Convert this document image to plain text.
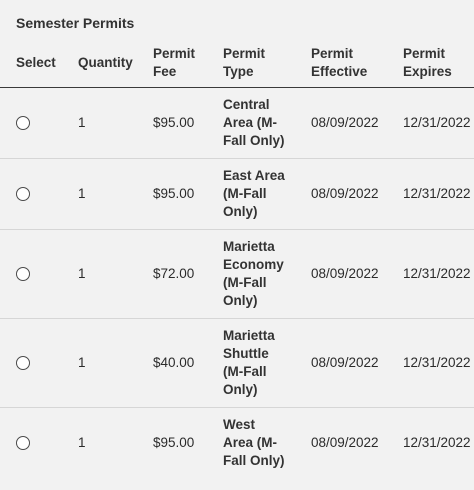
Semester Permits
Select	Quantity	Permit Fee	Permit Type	Permit Effective	Permit Expires
	1	$95.00	Central Area (M-Fall Only)	08/09/2022	12/31/2022
	1	$95.00	East Area (M-Fall Only)	08/09/2022	12/31/2022
	1	$72.00	Marietta Economy (M-Fall Only)	08/09/2022	12/31/2022
	1	$40.00	Marietta Shuttle (M-Fall Only)	08/09/2022	12/31/2022
	1	$95.00	West Area (M-Fall Only)	08/09/2022	12/31/2022
